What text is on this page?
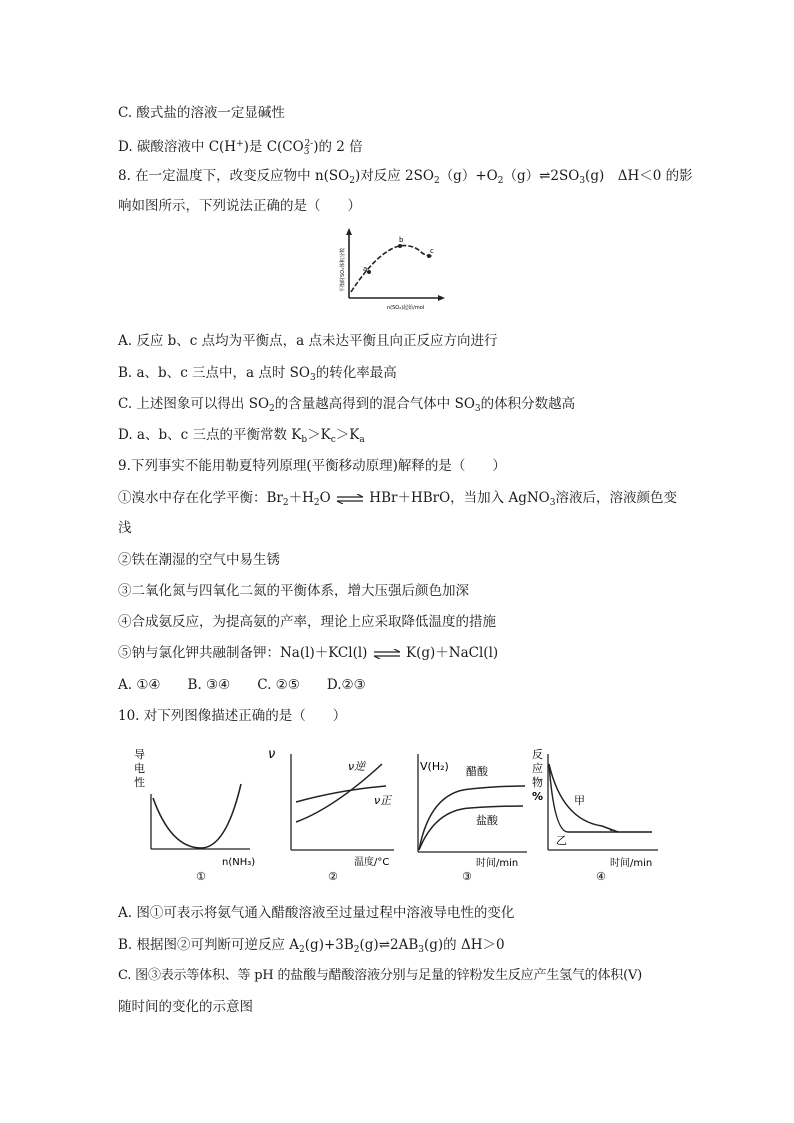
C. 酸式盐的溶液一定显碱性
D. 碳酸溶液中 C(H+)是 $C(CO_3^{2-})$的 2 倍
8. 在一定温度下，改变反应物中 $n(SO_2)$对反应 $2SO_2(g)+O_2(g)\rightleftharpoons 2SO_3(g)$　ΔH＜0 的影
响如图所示，下列说法正确的是（　　）
a
b
c
平衡时SO₃体积分数
n(SO₂)起始/mol
A. 反应 b、c 点均为平衡点，a 点未达平衡且向正反应方向进行
B. a、b、c 三点中，a 点时 $SO_3$的转化率最高
C. 上述图象可以得出 $SO_2$的含量越高得到的混合气体中 $SO_3$的体积分数越高
D. a、b、c 三点的平衡常数 $K_b>K_c>K_a$
9.下列事实不能用勒夏特列原理(平衡移动原理)解释的是（　　）
①溴水中存在化学平衡：$Br_2+H_2O$ ⇌ HBr＋HBrO，当加入 AgNO$_3$溶液后，溶液颜色变
浅
②铁在潮湿的空气中易生锈
③二氧化氮与四氧化二氮的平衡体系，增大压强后颜色加深
④合成氨反应，为提高氨的产率，理论上应采取降低温度的措施
⑤钠与氯化钾共融制备钾：Na(l)＋KCl(l) ⇌ K(g)＋NaCl(l)
A. ①④　　B. ③④　　C. ②⑤　　D.②③
10. 对下列图像描述正确的是（　　）
导
电
性
n(NH₃)
①
ν
ν逆
ν正
温度/°C
②
V(H₂) 醋酸
盐酸
时间/min
③
反
应
物
%	甲
乙
时间/min
④
A. 图①可表示将氨气通入醋酸溶液至过量过程中溶液导电性的变化
B. 根据图②可判断可逆反应 $A_2(g)+3B_2(g)\rightleftharpoons 2AB_3(g)$的 ΔH＞0
C. 图③表示等体积、等 pH 的盐酸与醋酸溶液分别与足量的锌粉发生反应产生氢气的体积(V)
随时间的变化的示意图
